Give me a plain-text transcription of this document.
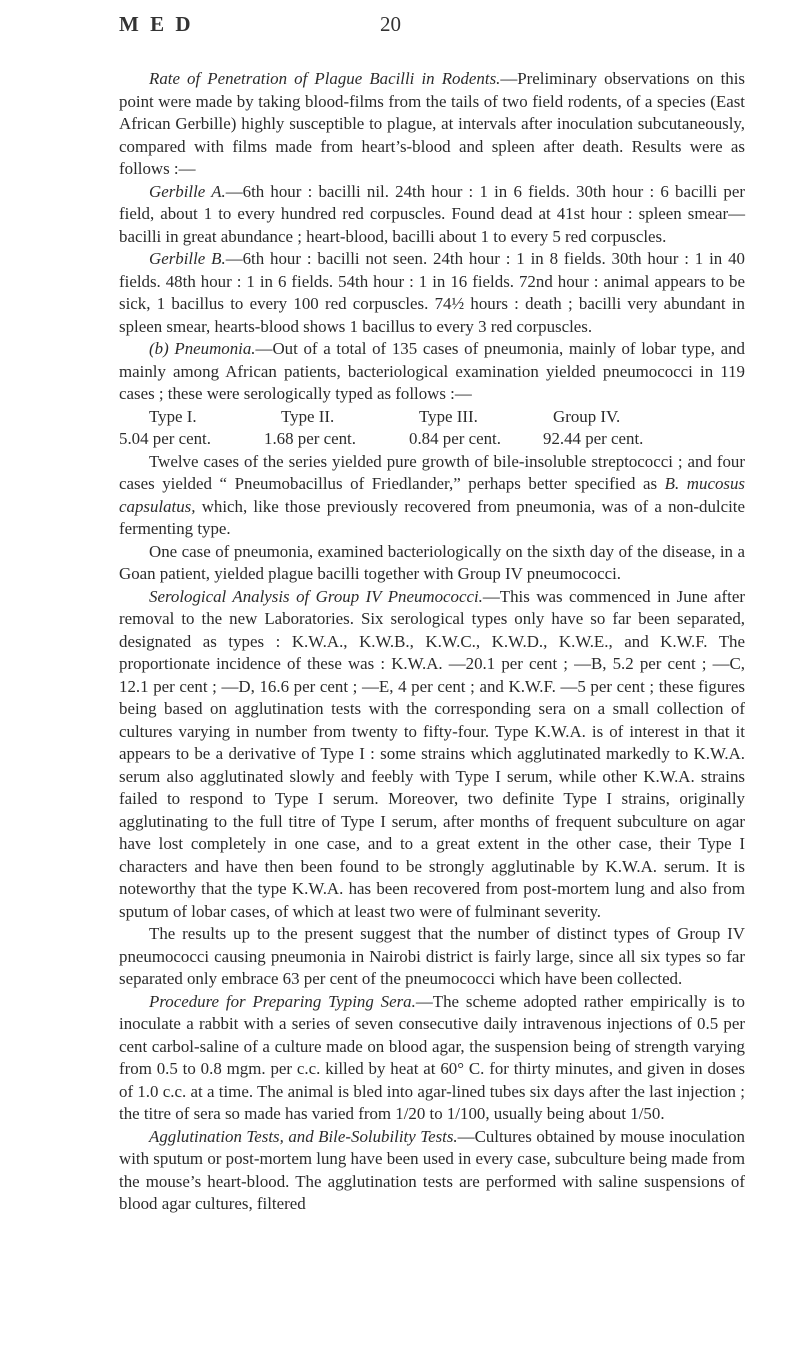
M E D	20

Rate of Penetration of Plague Bacilli in Rodents.—Preliminary observations on this point were made by taking blood-films from the tails of two field rodents, of a species (East African Gerbille) highly susceptible to plague, at intervals after inoculation subcutaneously, compared with films made from heart’s-blood and spleen after death. Results were as follows :—

Gerbille A.—6th hour : bacilli nil. 24th hour : 1 in 6 fields. 30th hour : 6 bacilli per field, about 1 to every hundred red corpuscles. Found dead at 41st hour : spleen smear—bacilli in great abundance ; heart-blood, bacilli about 1 to every 5 red corpuscles.

Gerbille B.—6th hour : bacilli not seen. 24th hour : 1 in 8 fields. 30th hour : 1 in 40 fields. 48th hour : 1 in 6 fields. 54th hour : 1 in 16 fields. 72nd hour : animal appears to be sick, 1 bacillus to every 100 red corpuscles. 74½ hours : death ; bacilli very abundant in spleen smear, hearts-blood shows 1 bacillus to every 3 red corpuscles.

(b) Pneumonia.—Out of a total of 135 cases of pneumonia, mainly of lobar type, and mainly among African patients, bacteriological examination yielded pneumococci in 119 cases ; these were serologically typed as follows :—

Type I.	Type II.	Type III.	Group IV.
5.04 per cent.	1.68 per cent.	0.84 per cent.	92.44 per cent.

Twelve cases of the series yielded pure growth of bile-insoluble streptococci ; and four cases yielded “ Pneumobacillus of Friedlander,” perhaps better specified as B. mucosus capsulatus, which, like those previously recovered from pneumonia, was of a non-dulcite fermenting type.

One case of pneumonia, examined bacteriologically on the sixth day of the disease, in a Goan patient, yielded plague bacilli together with Group IV pneumococci.

Serological Analysis of Group IV Pneumococci.—This was commenced in June after removal to the new Laboratories. Six serological types only have so far been separated, designated as types : K.W.A., K.W.B., K.W.C., K.W.D., K.W.E., and K.W.F. The proportionate incidence of these was : K.W.A. —20.1 per cent ; —B, 5.2 per cent ; —C, 12.1 per cent ; —D, 16.6 per cent ; —E, 4 per cent ; and K.W.F. —5 per cent ; these figures being based on agglutination tests with the corresponding sera on a small collection of cultures varying in number from twenty to fifty-four. Type K.W.A. is of interest in that it appears to be a derivative of Type I : some strains which agglutinated markedly to K.W.A. serum also agglutinated slowly and feebly with Type I serum, while other K.W.A. strains failed to respond to Type I serum. Moreover, two definite Type I strains, originally agglutinating to the full titre of Type I serum, after months of frequent subculture on agar have lost completely in one case, and to a great extent in the other case, their Type I characters and have then been found to be strongly agglutinable by K.W.A. serum. It is noteworthy that the type K.W.A. has been recovered from post-mortem lung and also from sputum of lobar cases, of which at least two were of fulminant severity.

The results up to the present suggest that the number of distinct types of Group IV pneumococci causing pneumonia in Nairobi district is fairly large, since all six types so far separated only embrace 63 per cent of the pneumococci which have been collected.

Procedure for Preparing Typing Sera.—The scheme adopted rather empirically is to inoculate a rabbit with a series of seven consecutive daily intravenous injections of 0.5 per cent carbol-saline of a culture made on blood agar, the suspension being of strength varying from 0.5 to 0.8 mgm. per c.c. killed by heat at 60° C. for thirty minutes, and given in doses of 1.0 c.c. at a time. The animal is bled into agar-lined tubes six days after the last injection ; the titre of sera so made has varied from 1/20 to 1/100, usually being about 1/50.

Agglutination Tests, and Bile-Solubility Tests.—Cultures obtained by mouse inoculation with sputum or post-mortem lung have been used in every case, subculture being made from the mouse’s heart-blood. The agglutination tests are performed with saline suspensions of blood agar cultures, filtered
